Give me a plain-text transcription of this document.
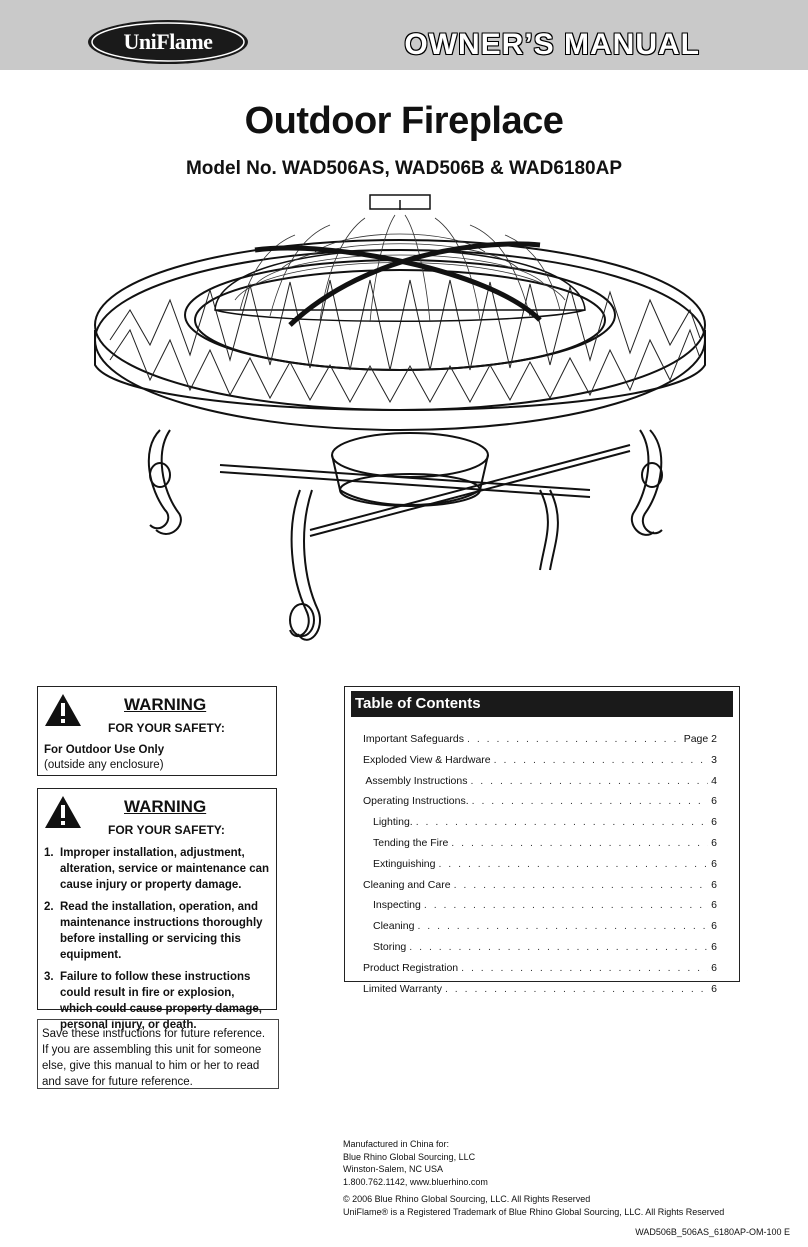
UniFlame	OWNER’S MANUAL
Outdoor Fireplace
Model No. WAD506AS, WAD506B & WAD6180AP
WARNING
FOR YOUR SAFETY:
For Outdoor Use Only
(outside any enclosure)
WARNING
FOR YOUR SAFETY:
1. Improper installation, adjustment, alteration, service or maintenance can cause injury or property damage.
2. Read the installation, operation, and maintenance instructions thoroughly before installing or servicing this equipment.
3. Failure to follow these instructions could result in fire or explosion, which could cause property damage, personal injury, or death.
Save these instructions for future reference. If you are assembling this unit for someone else, give this manual to him or her to read and save for future reference.
Table of Contents
Important Safeguards . . .	Page 2
Exploded View & Hardware . . .	3
Assembly Instructions . . .	4
Operating Instructions. . . .	6
Lighting. . . .	6
Tending the Fire . . .	6
Extinguishing . . .	6
Cleaning and Care . . .	6
Inspecting . . .	6
Cleaning . . .	6
Storing . . .	6
Product Registration . . .	6
Limited Warranty . . .	6
Manufactured in China for:
Blue Rhino Global Sourcing, LLC
Winston-Salem, NC USA
1.800.762.1142, www.bluerhino.com
© 2006 Blue Rhino Global Sourcing, LLC. All Rights Reserved
UniFlame® is a Registered Trademark of Blue Rhino Global Sourcing, LLC. All Rights Reserved
WAD506B_506AS_6180AP-OM-100 E
